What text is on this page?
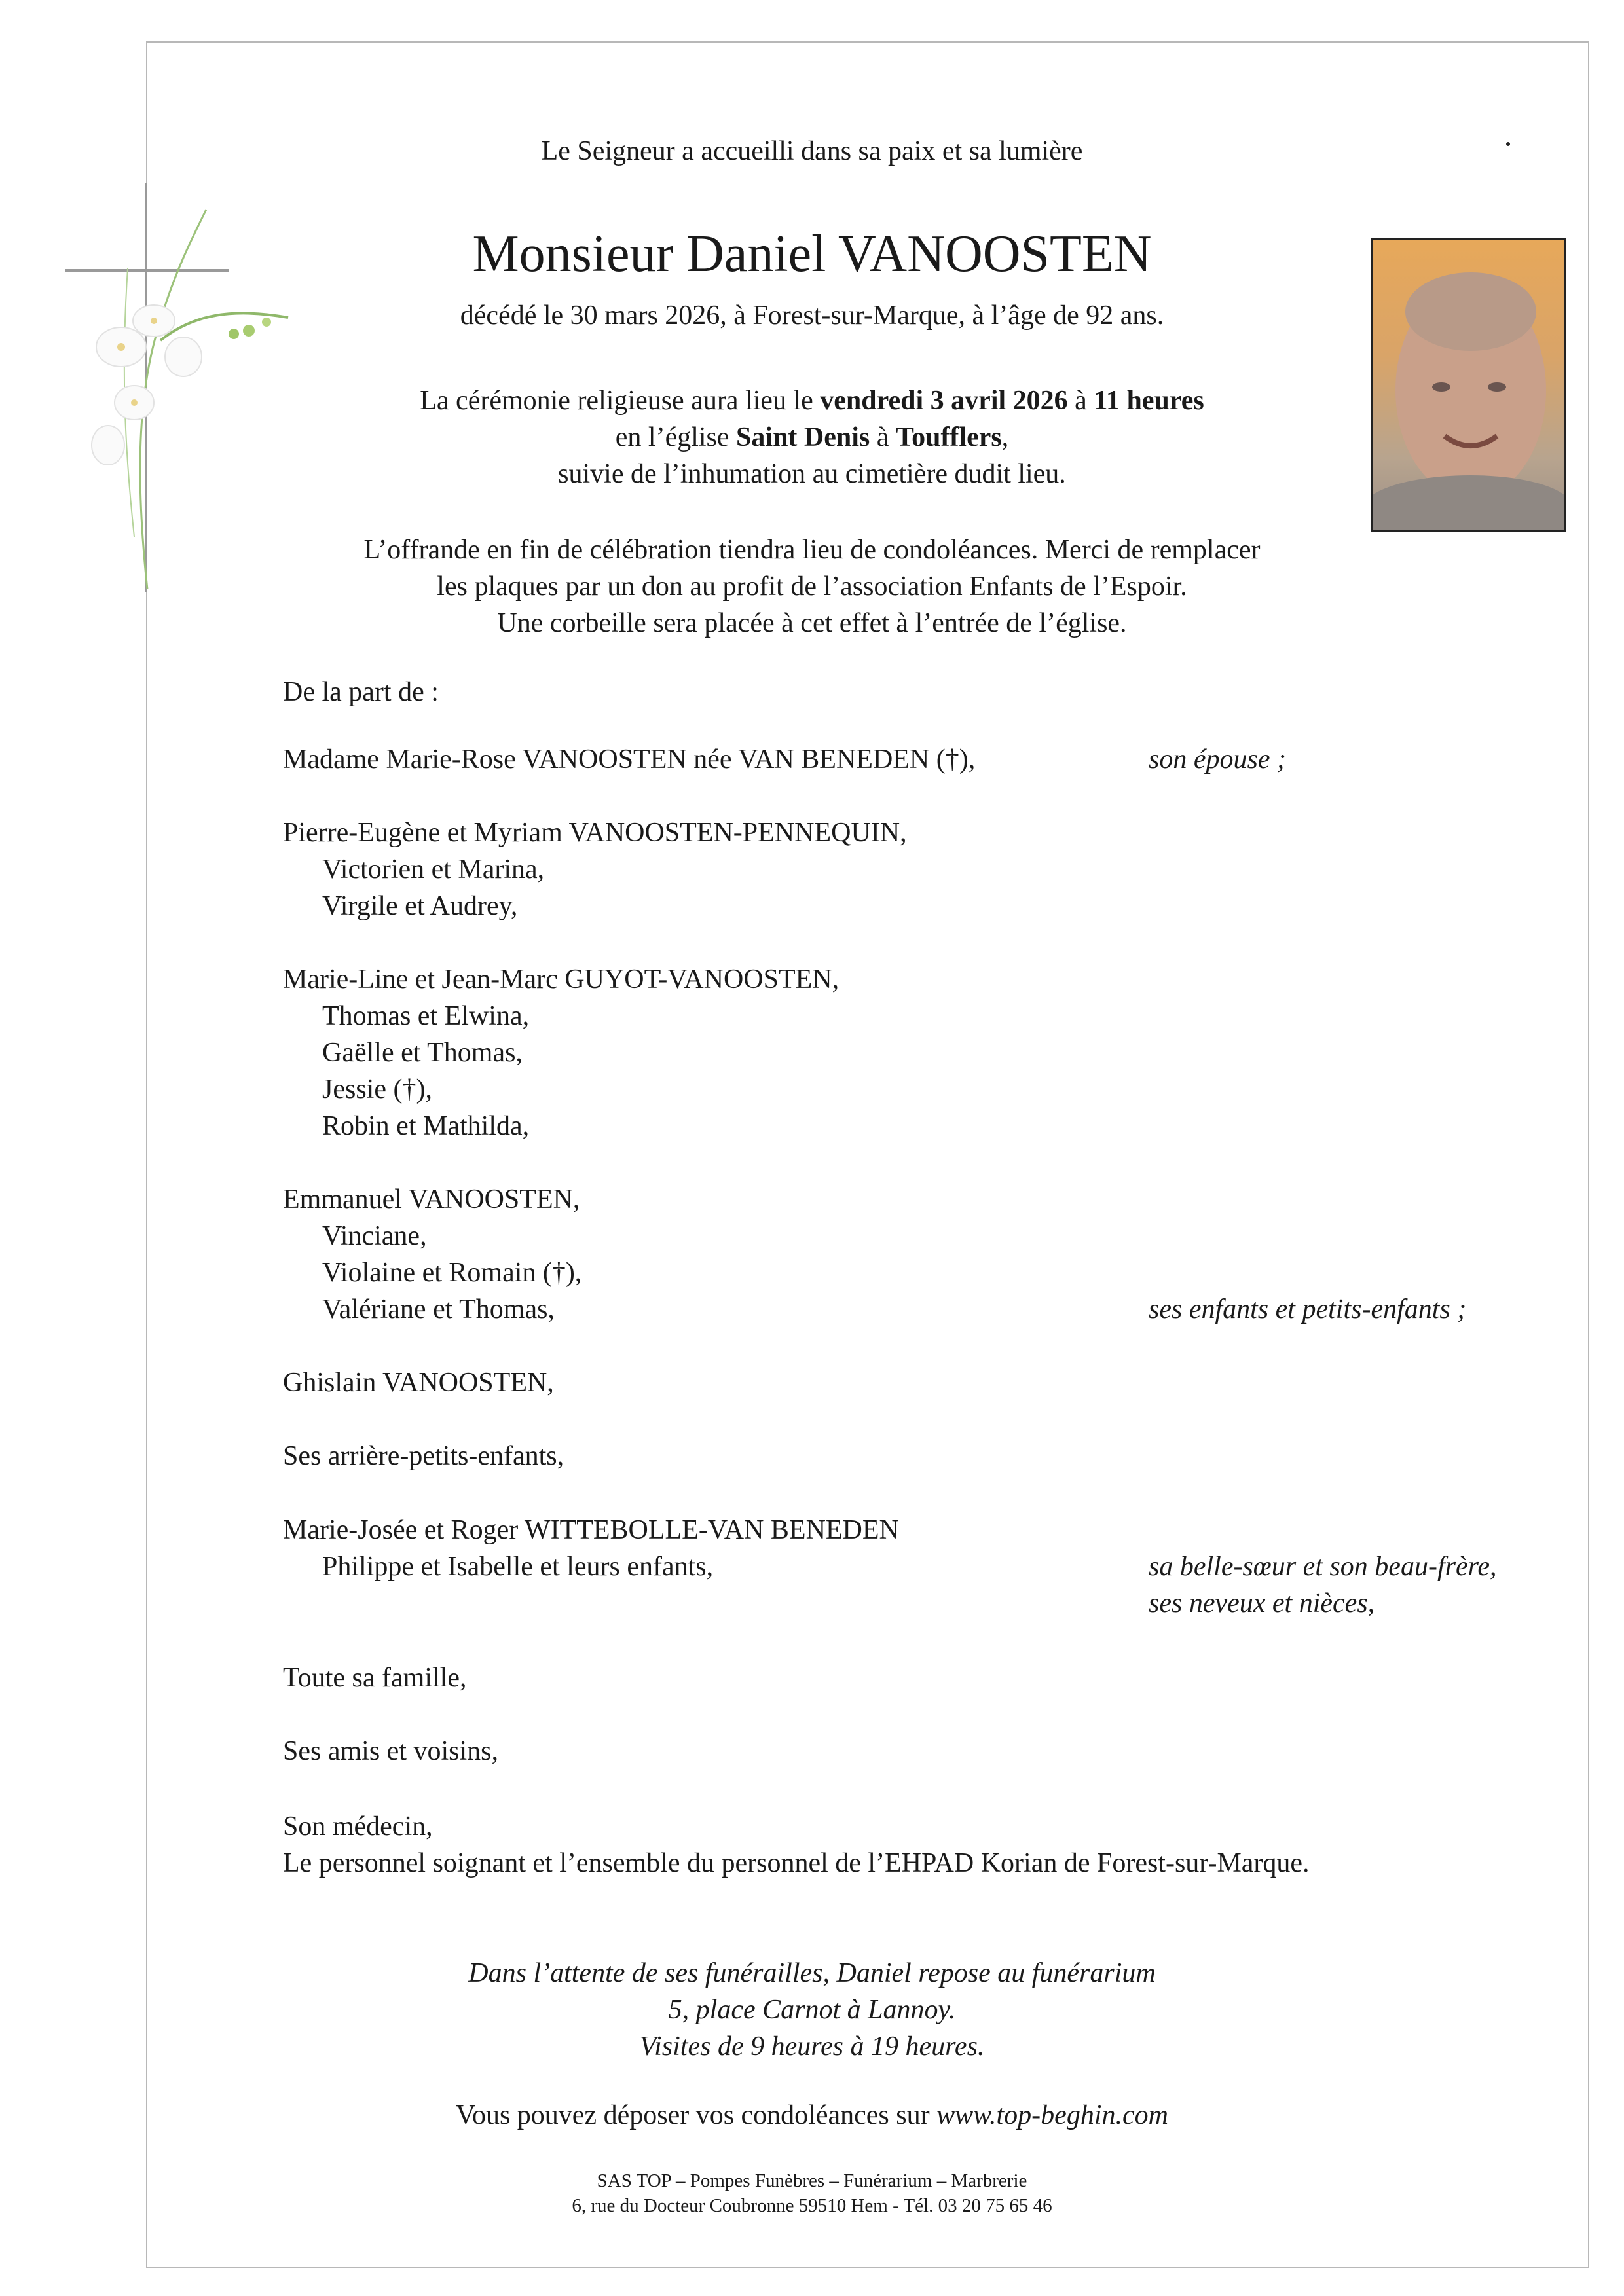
Le Seigneur a accueilli dans sa paix et sa lumière
Monsieur Daniel VANOOSTEN
décédé le 30 mars 2026, à Forest-sur-Marque, à l’âge de 92 ans.
La cérémonie religieuse aura lieu le vendredi 3 avril 2026 à 11 heures
en l’église Saint Denis à Toufflers,
suivie de l’inhumation au cimetière dudit lieu.
L’offrande en fin de célébration tiendra lieu de condoléances. Merci de remplacer
les plaques par un don au profit de l’association Enfants de l’Espoir.
Une corbeille sera placée à cet effet à l’entrée de l’église.
De la part de :
Madame Marie-Rose VANOOSTEN née VAN BENEDEN (†),	son épouse ;
Pierre-Eugène et Myriam VANOOSTEN-PENNEQUIN,
Victorien et Marina,
Virgile et Audrey,
Marie-Line et Jean-Marc GUYOT-VANOOSTEN,
Thomas et Elwina,
Gaëlle et Thomas,
Jessie (†),
Robin et Mathilda,
Emmanuel VANOOSTEN,
Vinciane,
Violaine et Romain (†),
Valériane et Thomas,	ses enfants et petits-enfants ;
Ghislain VANOOSTEN,
Ses arrière-petits-enfants,
Marie-Josée et Roger WITTEBOLLE-VAN BENEDEN
Philippe et Isabelle et leurs enfants,	sa belle-sœur et son beau-frère,
ses neveux et nièces,
Toute sa famille,
Ses amis et voisins,
Son médecin,
Le personnel soignant et l’ensemble du personnel de l’EHPAD Korian de Forest-sur-Marque.
Dans l’attente de ses funérailles, Daniel repose au funérarium
5, place Carnot à Lannoy.
Visites de 9 heures à 19 heures.
Vous pouvez déposer vos condoléances sur www.top-beghin.com
SAS TOP – Pompes Funèbres – Funérarium – Marbrerie
6, rue du Docteur Coubronne 59510 Hem - Tél. 03 20 75 65 46
